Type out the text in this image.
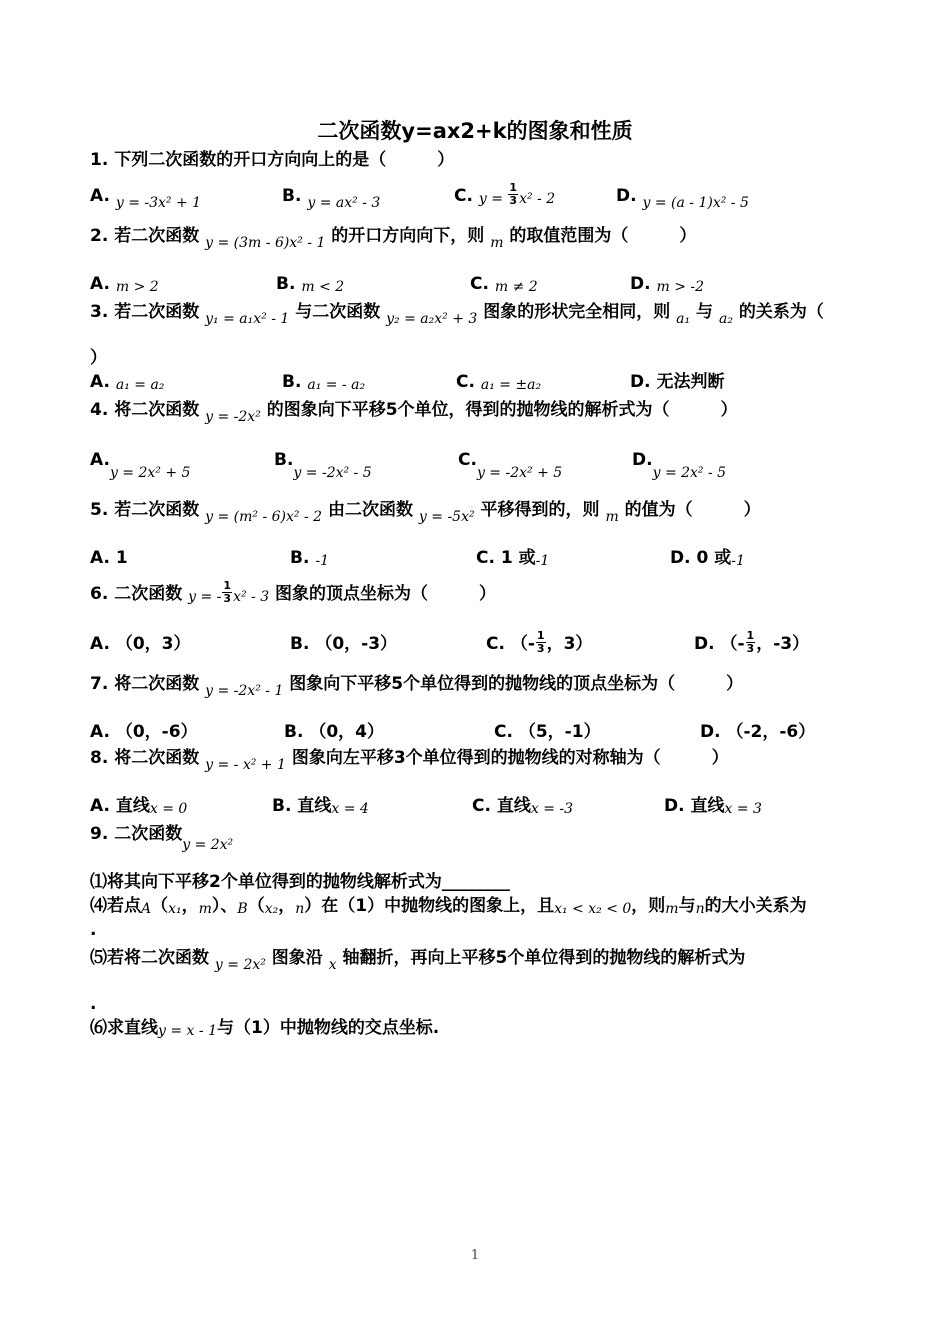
二次函数y=ax2+k的图象和性质
1. 下列二次函数的开口方向向上的是（　　　）
A. $_{y = -3x^2 + 1}$	B. $_{y = ax^2 - 3}$	C. $y = \frac{1}{3} x^2 - 2$	D. $_{y = (a - 1)x^2 - 5}$
2. 若二次函数 $_{y = (3m - 6)x^2 - 1}$ 的开口方向向下，则 $_m$ 的取值范围为（　　　）
A. m > 2	B. m < 2	C. m ≠ 2	D. m > -2
3. 若二次函数 $_{y_1 = a_1x^2 - 1}$ 与二次函数 $_{y_2 = a_2x^2 + 3}$ 图象的形状完全相同，则 $_{a_1}$ 与 $_{a_2}$ 的关系为（
）
A. a₁ = a₂	B. a₁ = - a₂	C. a₁ = ±a₂	D. 无法判断
4. 将二次函数 $_{y = -2x^2}$ 的图象向下平移5个单位，得到的抛物线的解析式为（　　　）
$A._{y = 2x^2 + 5}$
$B._{y = -2x^2 - 5}$
$C._{y = -2x^2 + 5}$
$D._{y = 2x^2 - 5}$
5. 若二次函数 $_{y = (m^2 - 6)x^2 - 2}$ 由二次函数 $_{y = -5x^2}$ 平移得到的，则 $_m$ 的值为（　　　）
A. 1	B. -1	C. 1 或-1	D. 0 或-1
6. 二次函数 y = - $\frac{1}{3} x^2 - 3$ 图象的顶点坐标为（　　　）
A. （0，3）	B. （0，-3）	C. （- $\frac{1}{3}$ ，3）	D. （- $\frac{1}{3}$ ，-3）
7. 将二次函数 $_{y = -2x^2 - 1}$ 图象向下平移5个单位得到的抛物线的顶点坐标为（　　　）
A. （0，-6）	B. （0，4）	C. （5，-1）	D. （-2，-6）
8. 将二次函数 $_{y = - x^2 + 1}$ 图象向左平移3个单位得到的抛物线的对称轴为（　　　）
A. 直线x = 0	B. 直线x = 4	C. 直线x = -3	D. 直线x = 3
9. 二次函数$_{y = 2x^2}$
⑴将其向下平移2个单位得到的抛物线解析式为________
⑷若点A（x₁，m）、B（x₂，n）在（1）中抛物线的图象上，且x₁ < x₂ < 0，则m与n的大小关系为
.
⑸若将二次函数 $_{y = 2x^2}$ 图象沿 $_x$ 轴翻折，再向上平移5个单位得到的抛物线的解析式为
.
⑹求直线y = x - 1与（1）中抛物线的交点坐标.
1
